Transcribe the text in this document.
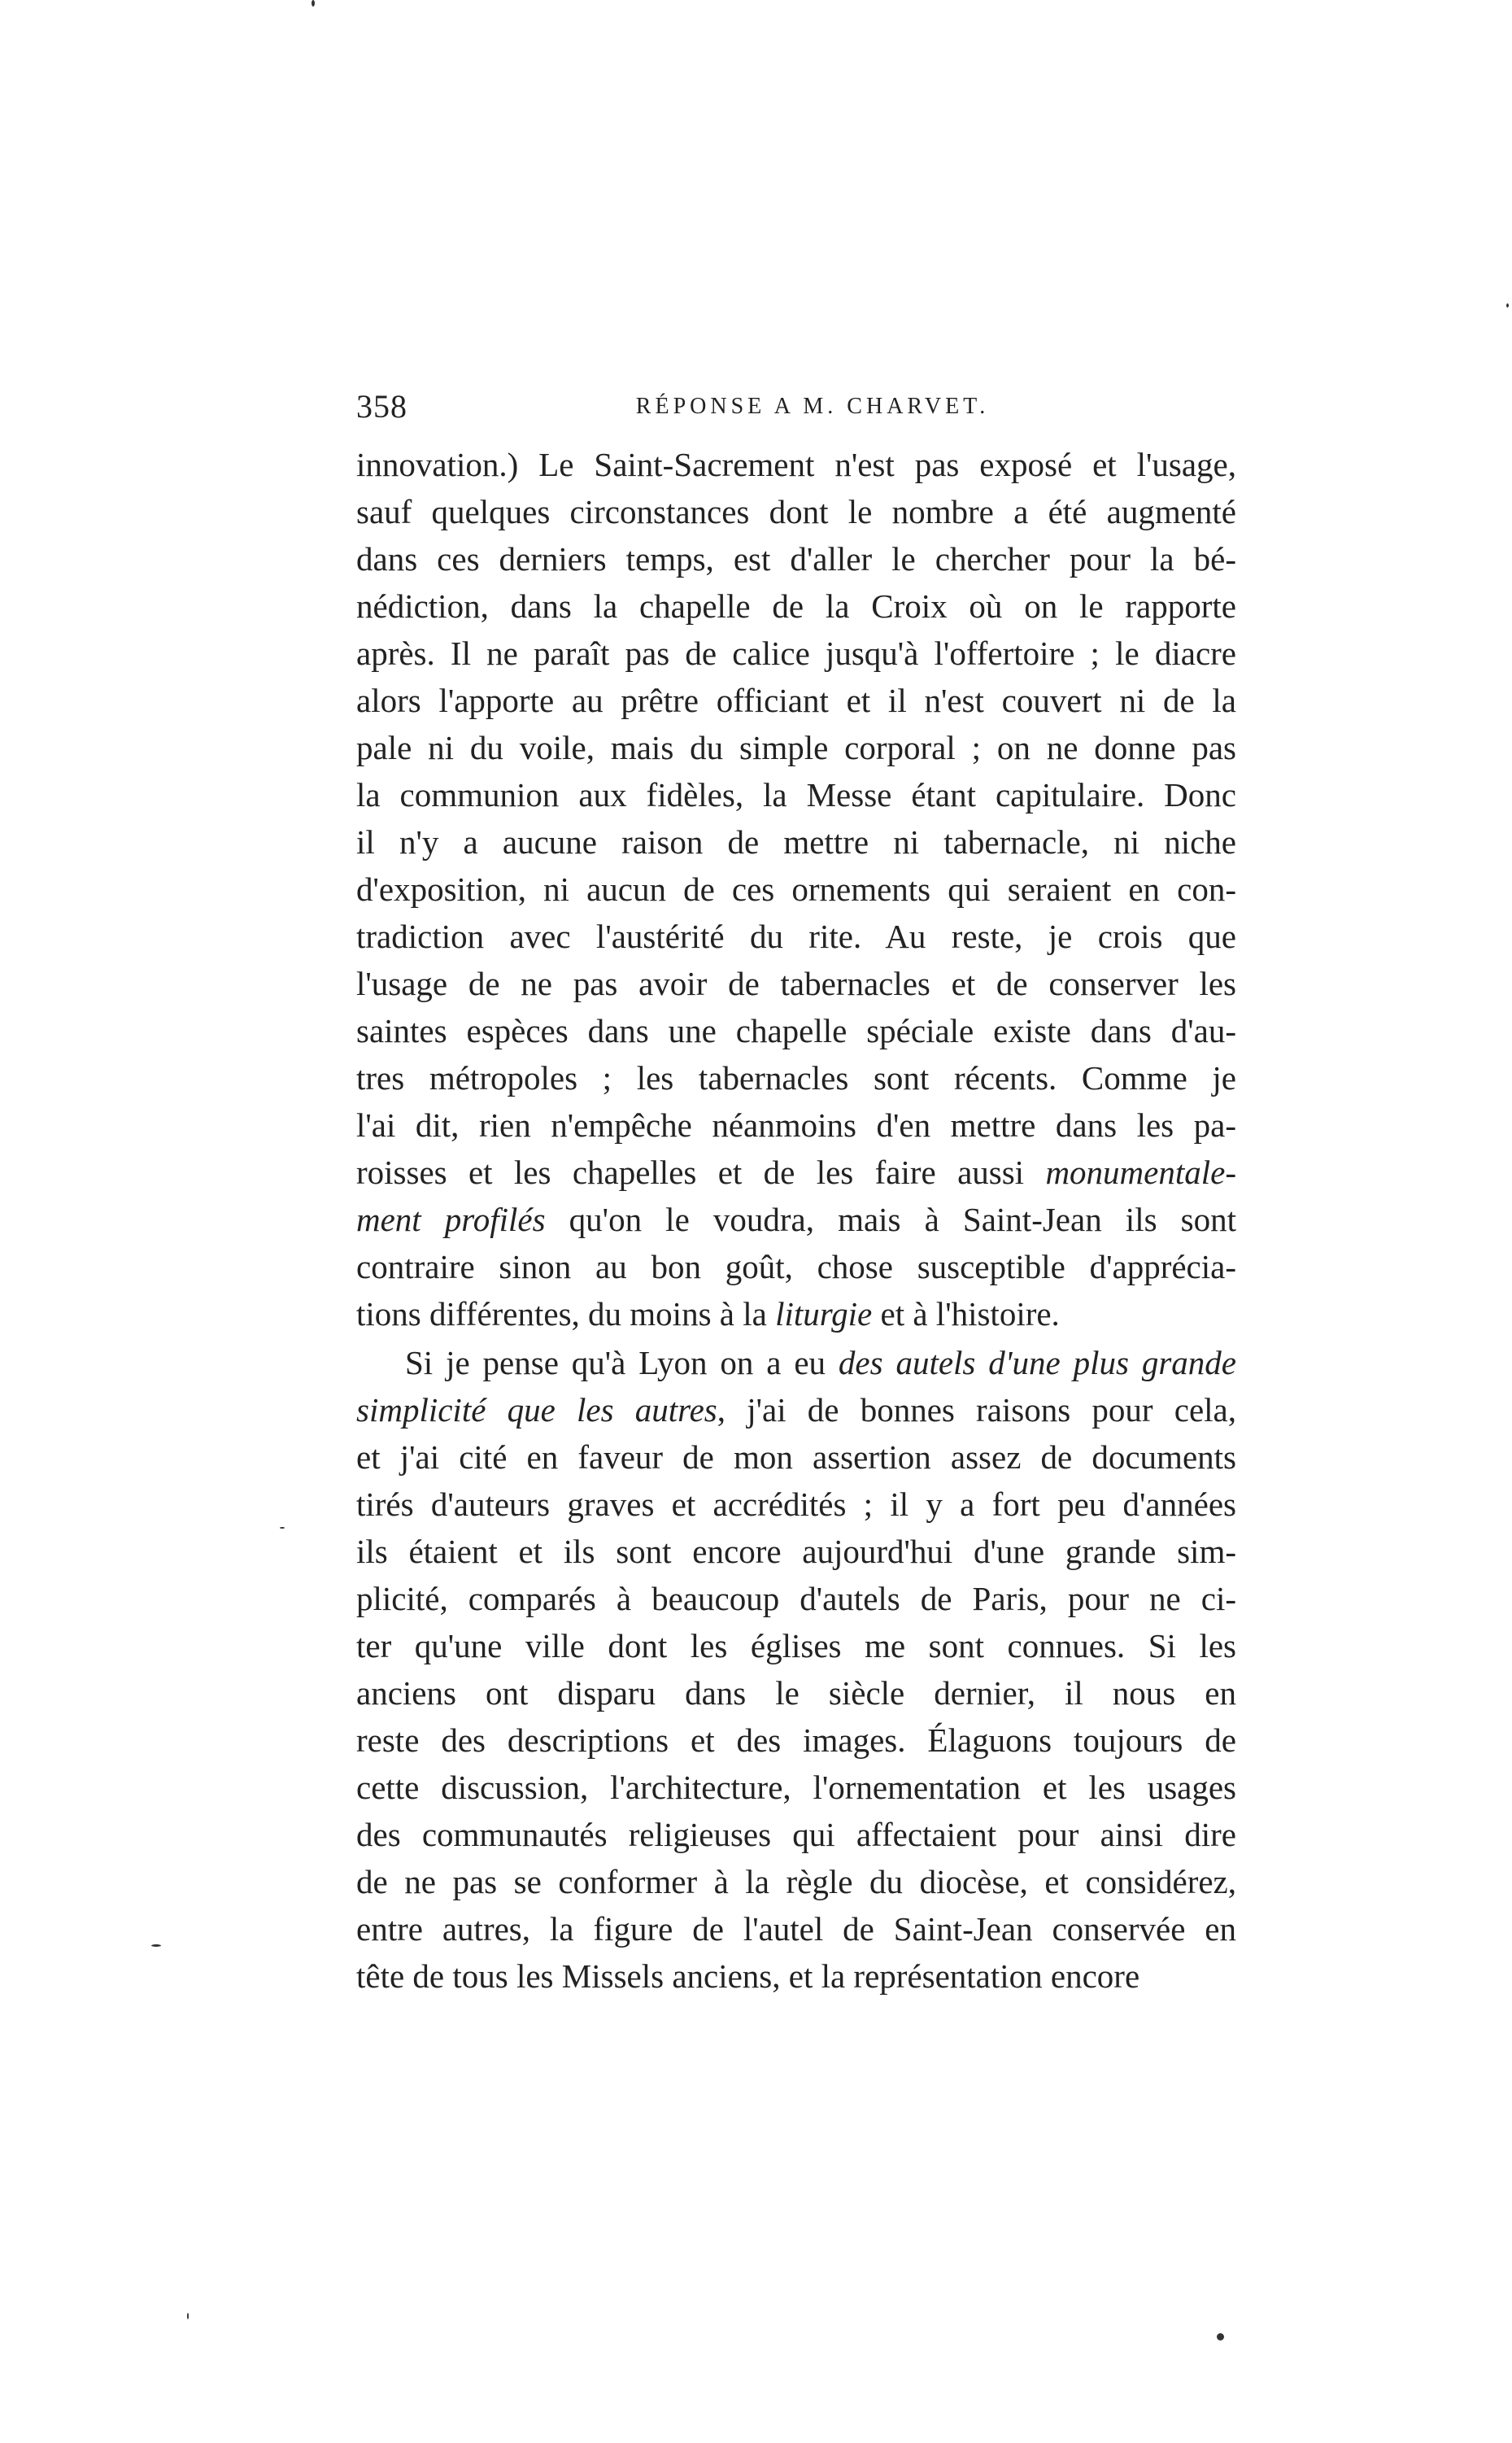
358	RÉPONSE A M. CHARVET.
innovation.) Le Saint-Sacrement n'est pas exposé et l'usage,
sauf quelques circonstances dont le nombre a été augmenté
dans ces derniers temps, est d'aller le chercher pour la bé-
nédiction, dans la chapelle de la Croix où on le rapporte
après. Il ne paraît pas de calice jusqu'à l'offertoire ; le diacre
alors l'apporte au prêtre officiant et il n'est couvert ni de la
pale ni du voile, mais du simple corporal ; on ne donne pas
la communion aux fidèles, la Messe étant capitulaire. Donc
il n'y a aucune raison de mettre ni tabernacle, ni niche
d'exposition, ni aucun de ces ornements qui seraient en con-
tradiction avec l'austérité du rite. Au reste, je crois que
l'usage de ne pas avoir de tabernacles et de conserver les
saintes espèces dans une chapelle spéciale existe dans d'au-
tres métropoles ; les tabernacles sont récents. Comme je
l'ai dit, rien n'empêche néanmoins d'en mettre dans les pa-
roisses et les chapelles et de les faire aussi monumentale-
ment profilés qu'on le voudra, mais à Saint-Jean ils sont
contraire sinon au bon goût, chose susceptible d'apprécia-
tions différentes, du moins à la liturgie et à l'histoire.
Si je pense qu'à Lyon on a eu des autels d'une plus grande
simplicité que les autres, j'ai de bonnes raisons pour cela,
et j'ai cité en faveur de mon assertion assez de documents
tirés d'auteurs graves et accrédités ; il y a fort peu d'années
ils étaient et ils sont encore aujourd'hui d'une grande sim-
plicité, comparés à beaucoup d'autels de Paris, pour ne ci-
ter qu'une ville dont les églises me sont connues. Si les
anciens ont disparu dans le siècle dernier, il nous en
reste des descriptions et des images. Élaguons toujours de
cette discussion, l'architecture, l'ornementation et les usages
des communautés religieuses qui affectaient pour ainsi dire
de ne pas se conformer à la règle du diocèse, et considérez,
entre autres, la figure de l'autel de Saint-Jean conservée en
tête de tous les Missels anciens, et la représentation encore
